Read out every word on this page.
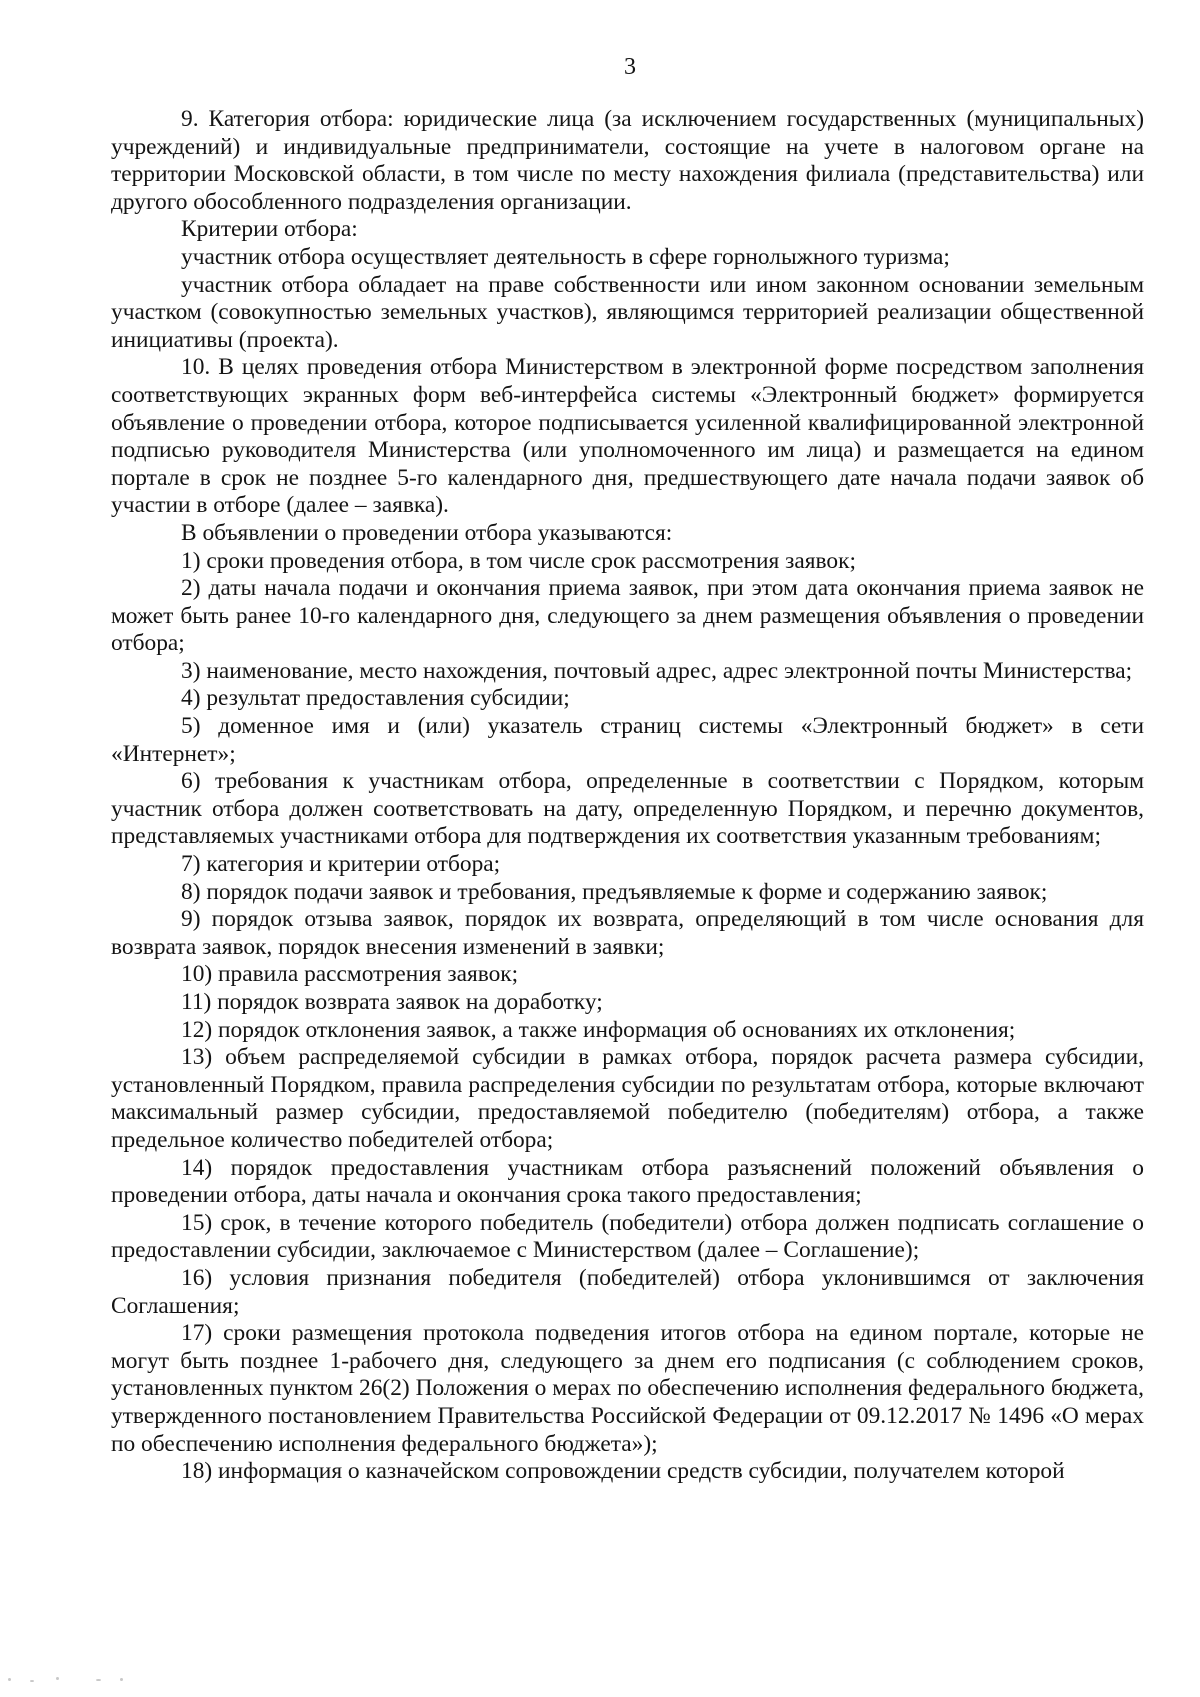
3

9. Категория отбора: юридические лица (за исключением государственных (муниципальных) учреждений) и индивидуальные предприниматели, состоящие на учете в налоговом органе на территории Московской области, в том числе по месту нахождения филиала (представительства) или другого обособленного подразделения организации.

Критерии отбора:

участник отбора осуществляет деятельность в сфере горнолыжного туризма;

участник отбора обладает на праве собственности или ином законном основании земельным участком (совокупностью земельных участков), являющимся территорией реализации общественной инициативы (проекта).

10. В целях проведения отбора Министерством в электронной форме посредством заполнения соответствующих экранных форм веб-интерфейса системы «Электронный бюджет» формируется объявление о проведении отбора, которое подписывается усиленной квалифицированной электронной подписью руководителя Министерства (или уполномоченного им лица) и размещается на едином портале в срок не позднее 5-го календарного дня, предшествующего дате начала подачи заявок об участии в отборе (далее – заявка).

В объявлении о проведении отбора указываются:

1) сроки проведения отбора, в том числе срок рассмотрения заявок;

2) даты начала подачи и окончания приема заявок, при этом дата окончания приема заявок не может быть ранее 10-го календарного дня, следующего за днем размещения объявления о проведении отбора;

3) наименование, место нахождения, почтовый адрес, адрес электронной почты Министерства;

4) результат предоставления субсидии;

5) доменное имя и (или) указатель страниц системы «Электронный бюджет» в сети «Интернет»;

6) требования к участникам отбора, определенные в соответствии с Порядком, которым участник отбора должен соответствовать на дату, определенную Порядком, и перечню документов, представляемых участниками отбора для подтверждения их соответствия указанным требованиям;

7) категория и критерии отбора;

8) порядок подачи заявок и требования, предъявляемые к форме и содержанию заявок;

9) порядок отзыва заявок, порядок их возврата, определяющий в том числе основания для возврата заявок, порядок внесения изменений в заявки;

10) правила рассмотрения заявок;

11) порядок возврата заявок на доработку;

12) порядок отклонения заявок, а также информация об основаниях их отклонения;

13) объем распределяемой субсидии в рамках отбора, порядок расчета размера субсидии, установленный Порядком, правила распределения субсидии по результатам отбора, которые включают максимальный размер субсидии, предоставляемой победителю (победителям) отбора, а также предельное количество победителей отбора;

14) порядок предоставления участникам отбора разъяснений положений объявления о проведении отбора, даты начала и окончания срока такого предоставления;

15) срок, в течение которого победитель (победители) отбора должен подписать соглашение о предоставлении субсидии, заключаемое с Министерством (далее – Соглашение);

16) условия признания победителя (победителей) отбора уклонившимся от заключения Соглашения;

17) сроки размещения протокола подведения итогов отбора на едином портале, которые не могут быть позднее 1-рабочего дня, следующего за днем его подписания (с соблюдением сроков, установленных пунктом 26(2) Положения о мерах по обеспечению исполнения федерального бюджета, утвержденного постановлением Правительства Российской Федерации от 09.12.2017 № 1496 «О мерах по обеспечению исполнения федерального бюджета»);

18) информация о казначейском сопровождении средств субсидии, получателем которой
